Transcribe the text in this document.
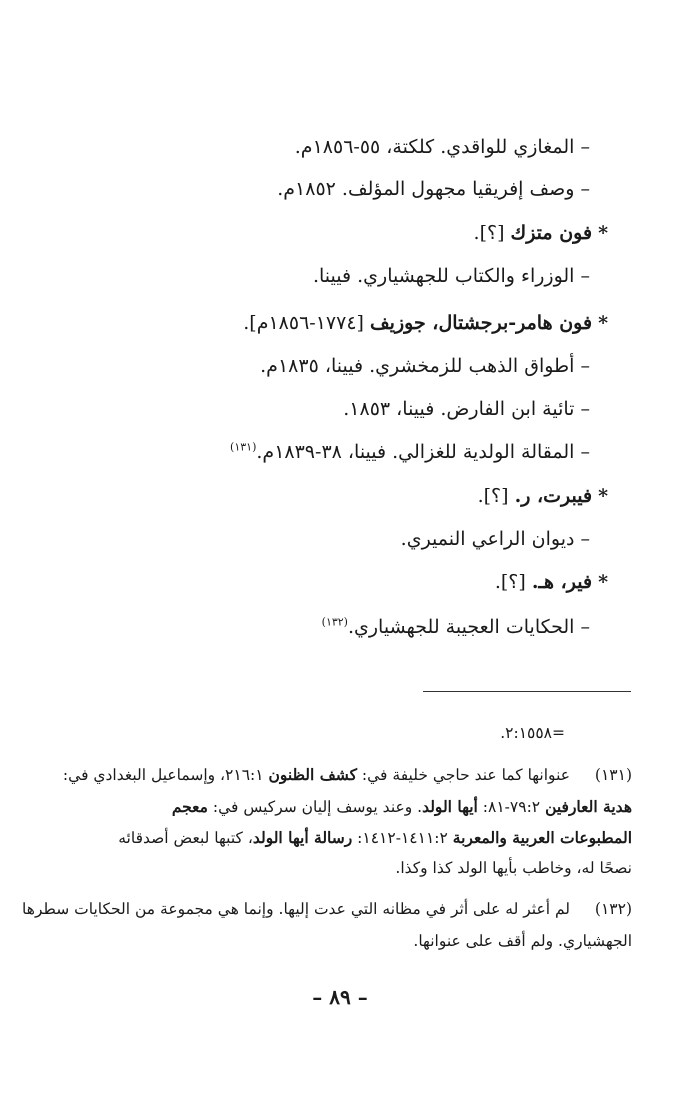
– المغازي للواقدي. كلكتة، ٥٥-١٨٥٦م.
– وصف إفريقيا مجهول المؤلف. ١٨٥٢م.
*فون متزك [؟].
– الوزراء والكتاب للجهشياري. فيينا.
*فون هامر-برجشتال، جوزيف [١٧٧٤-١٨٥٦م].
– أطواق الذهب للزمخشري. فيينا، ١٨٣٥م.
– تائية ابن الفارض. فيينا، ١٨٥٣.
– المقالة الولدية للغزالي. فيينا، ٣٨-١٨٣٩م.$^{(١٣١)}$
*فيبرت، ر. [؟].
– ديوان الراعي النميري.
*فير، هـ. [؟].
– الحكايات العجيبة للجهشياري.$^{(١٣٢)}$
=٢:١٥٥٨.
(١٣١)
عنوانها كما عند حاجي خليفة في: كشف الظنون ٢١٦:١، وإسماعيل البغدادي في:
هدية العارفين ٧٩:٢-٨١: أيها الولد. وعند يوسف إليان سركيس في: معجم
المطبوعات العربية والمعربة ١٤١١:٢-١٤١٢: رسالة أيها الولد، كتبها لبعض أصدقائه
نصحًا له، وخاطب بأيها الولد كذا وكذا.
(١٣٢)
لم أعثر له على أثر في مظانه التي عدت إليها. وإنما هي مجموعة من الحكايات سطرها
الجهشياري. ولم أقف على عنوانها.
– ٨٩ –
